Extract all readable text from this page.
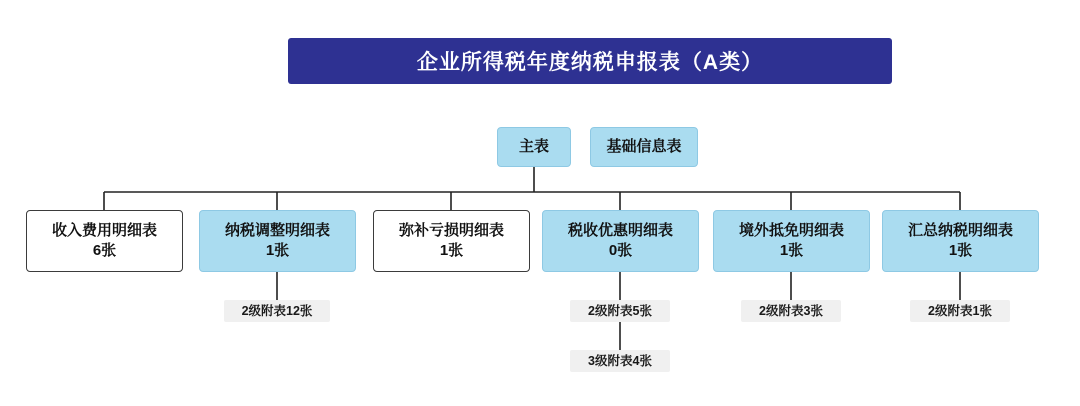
企业所得税年度纳税申报表（A类）
主表	基础信息表
收入费用明细表
6张
纳税调整明细表
1张
弥补亏损明细表
1张
税收优惠明细表
0张
境外抵免明细表
1张
汇总纳税明细表
1张
2级附表12张	2级附表5张	2级附表3张	2级附表1张
3级附表4张
